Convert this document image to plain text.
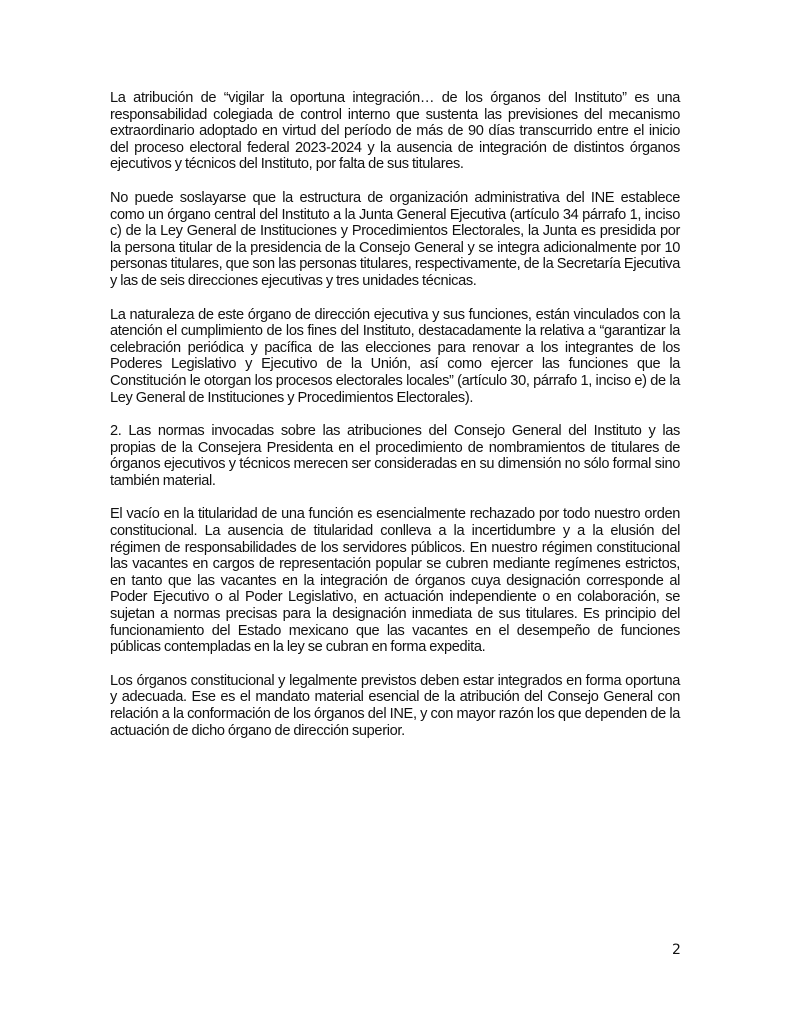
La atribución de “vigilar la oportuna integración… de los órganos del Instituto” es una responsabilidad colegiada de control interno que sustenta las previsiones del mecanismo extraordinario adoptado en virtud del período de más de 90 días transcurrido entre el inicio del proceso electoral federal 2023-2024 y la ausencia de integración de distintos órganos ejecutivos y técnicos del Instituto, por falta de sus titulares.

No puede soslayarse que la estructura de organización administrativa del INE establece como un órgano central del Instituto a la Junta General Ejecutiva (artículo 34 párrafo 1, inciso c) de la Ley General de Instituciones y Procedimientos Electorales, la Junta es presidida por la persona titular de la presidencia de la Consejo General y se integra adicionalmente por 10 personas titulares, que son las personas titulares, respectivamente, de la Secretaría Ejecutiva y las de seis direcciones ejecutivas y tres unidades técnicas.

La naturaleza de este órgano de dirección ejecutiva y sus funciones, están vinculados con la atención el cumplimiento de los fines del Instituto, destacadamente la relativa a “garantizar la celebración periódica y pacífica de las elecciones para renovar a los integrantes de los Poderes Legislativo y Ejecutivo de la Unión, así como ejercer las funciones que la Constitución le otorgan los procesos electorales locales” (artículo 30, párrafo 1, inciso e) de la Ley General de Instituciones y Procedimientos Electorales).

2. Las normas invocadas sobre las atribuciones del Consejo General del Instituto y las propias de la Consejera Presidenta en el procedimiento de nombramientos de titulares de órganos ejecutivos y técnicos merecen ser consideradas en su dimensión no sólo formal sino también material.

El vacío en la titularidad de una función es esencialmente rechazado por todo nuestro orden constitucional. La ausencia de titularidad conlleva a la incertidumbre y a la elusión del régimen de responsabilidades de los servidores públicos. En nuestro régimen constitucional las vacantes en cargos de representación popular se cubren mediante regímenes estrictos, en tanto que las vacantes en la integración de órganos cuya designación corresponde al Poder Ejecutivo o al Poder Legislativo, en actuación independiente o en colaboración, se sujetan a normas precisas para la designación inmediata de sus titulares. Es principio del funcionamiento del Estado mexicano que las vacantes en el desempeño de funciones públicas contempladas en la ley se cubran en forma expedita.

Los órganos constitucional y legalmente previstos deben estar integrados en forma oportuna y adecuada. Ese es el mandato material esencial de la atribución del Consejo General con relación a la conformación de los órganos del INE, y con mayor razón los que dependen de la actuación de dicho órgano de dirección superior.

2
